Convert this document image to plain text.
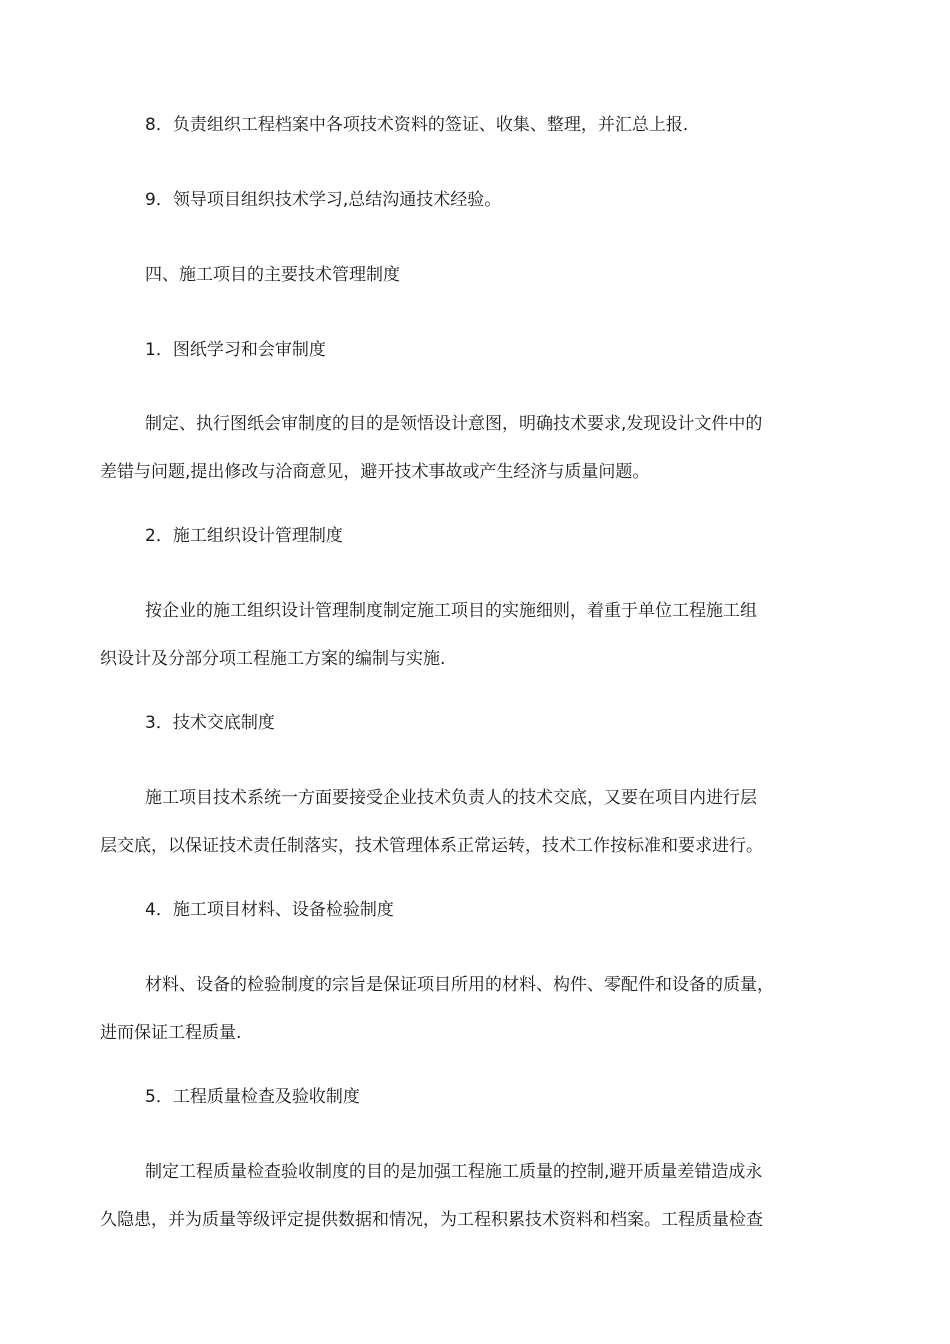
8．负责组织工程档案中各项技术资料的签证、收集、整理，并汇总上报.
9．领导项目组织技术学习,总结沟通技术经验。
四、施工项目的主要技术管理制度
1．图纸学习和会审制度
制定、执行图纸会审制度的目的是领悟设计意图，明确技术要求,发现设计文件中的
差错与问题,提出修改与洽商意见，避开技术事故或产生经济与质量问题。
2．施工组织设计管理制度
按企业的施工组织设计管理制度制定施工项目的实施细则，着重于单位工程施工组
织设计及分部分项工程施工方案的编制与实施.
3．技术交底制度
施工项目技术系统一方面要接受企业技术负责人的技术交底，又要在项目内进行层
层交底，以保证技术责任制落实，技术管理体系正常运转，技术工作按标准和要求进行。
4．施工项目材料、设备检验制度
材料、设备的检验制度的宗旨是保证项目所用的材料、构件、零配件和设备的质量，
进而保证工程质量.
5．工程质量检查及验收制度
制定工程质量检查验收制度的目的是加强工程施工质量的控制,避开质量差错造成永
久隐患，并为质量等级评定提供数据和情况，为工程积累技术资料和档案。工程质量检查
